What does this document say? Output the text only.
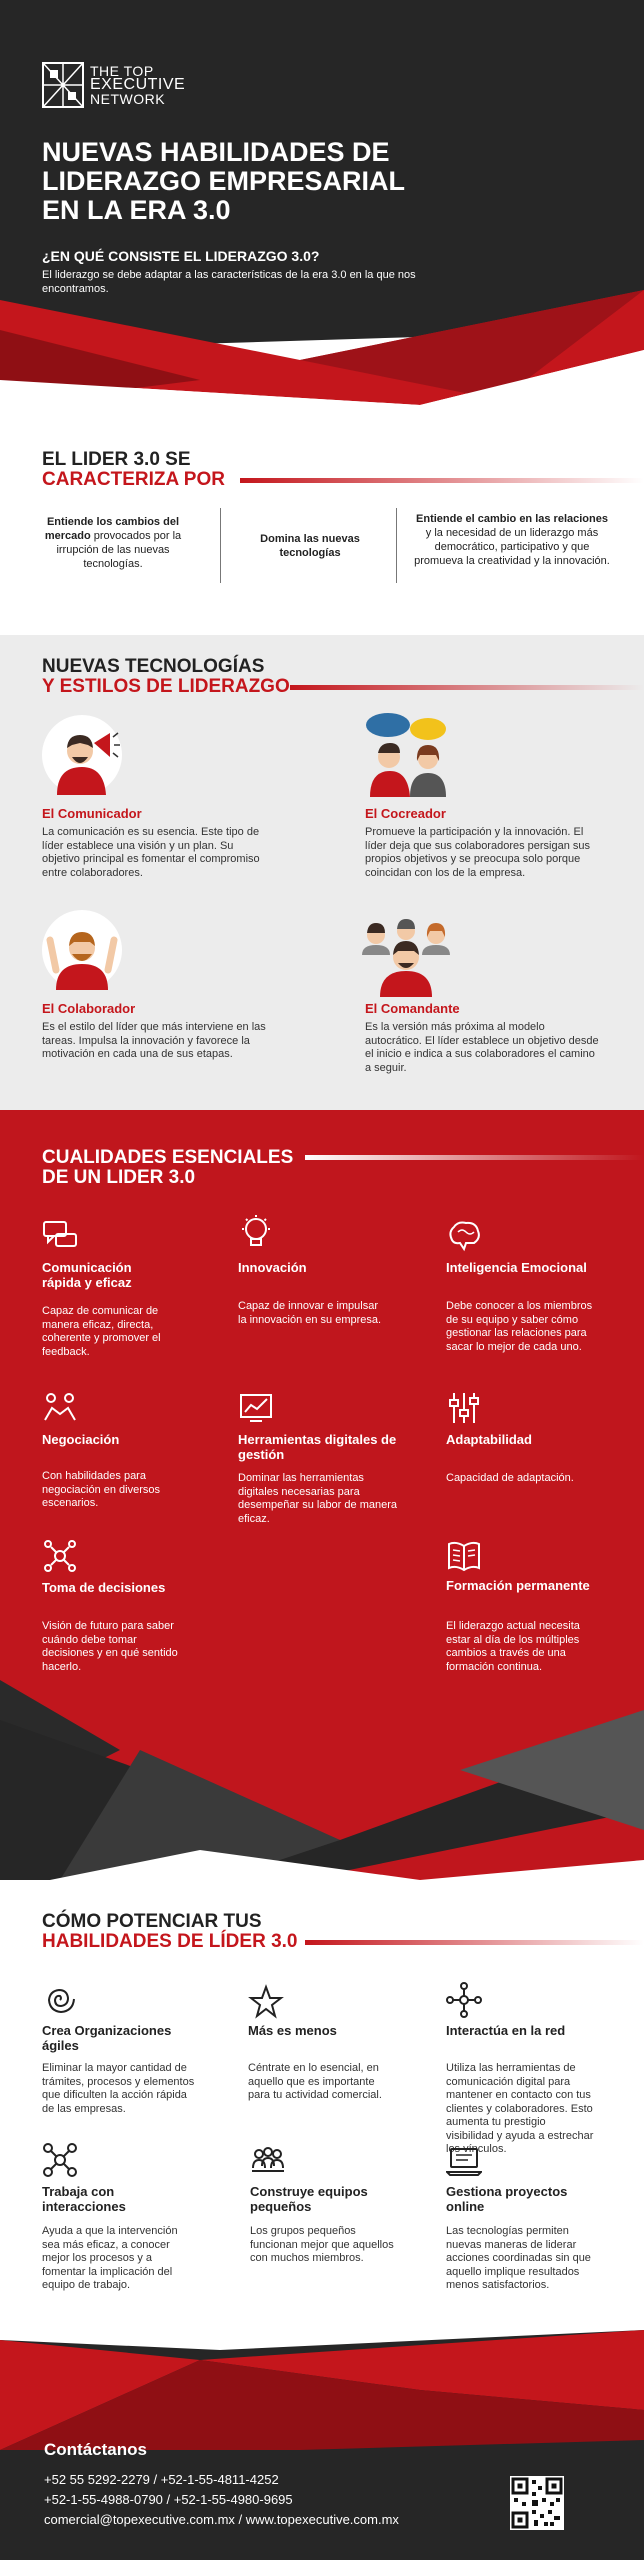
THE TOP
EXECUTIVE
NETWORK
NUEVAS HABILIDADES DE
LIDERAZGO EMPRESARIAL
EN LA ERA 3.0
¿EN QUÉ CONSISTE EL LIDERAZGO 3.0?

El liderazgo se debe adaptar a las características de la era 3.0 en la que nos encontramos.

EL LIDER 3.0 SE
CARACTERIZA POR
Entiende los cambios del mercado provocados por la irrupción de las nuevas tecnologías.
Domina las nuevas tecnologías
Entiende el cambio en las relaciones y la necesidad de un liderazgo más democrático, participativo y que promueva la creatividad y la innovación.
NUEVAS TECNOLOGÍAS
Y ESTILOS DE LIDERAZGO
El Comunicador

La comunicación es su esencia. Este tipo de líder establece una visión y un plan. Su objetivo principal es fomentar el compromiso entre colaboradores.

El Cocreador

Promueve la participación y la innovación. El líder deja que sus colaboradores persigan sus propios objetivos y se preocupa solo porque coincidan con los de la empresa.

El Colaborador

Es el estilo del líder que más interviene en las tareas. Impulsa la innovación y favorece la motivación en cada una de sus etapas.

El Comandante

Es la versión más próxima al modelo autocrático. El líder establece un objetivo desde el inicio e indica a sus colaboradores el camino a seguir.

CUALIDADES ESENCIALES
DE UN LIDER 3.0
Comunicación rápida y eficaz

Capaz de comunicar de manera eficaz, directa, coherente y promover el feedback.

Innovación

Capaz de innovar e impulsar la innovación en su empresa.

Inteligencia Emocional

Debe conocer a los miembros de su equipo y saber cómo gestionar las relaciones para sacar lo mejor de cada uno.

Negociación

Con habilidades para negociación en diversos escenarios.

Herramientas digitales de gestión

Dominar las herramientas digitales necesarias para desempeñar su labor de manera eficaz.

Adaptabilidad

Capacidad de adaptación.

Toma de decisiones

Visión de futuro para saber cuándo debe tomar decisiones y en qué sentido hacerlo.

Formación permanente

El liderazgo actual necesita estar al día de los múltiples cambios a través de una formación continua.

CÓMO POTENCIAR TUS
HABILIDADES DE LÍDER 3.0
Crea Organizaciones ágiles

Eliminar la mayor cantidad de trámites, procesos y elementos que dificulten la acción rápida de las empresas.

Más es menos

Céntrate en lo esencial, en aquello que es importante para tu actividad comercial.

Interactúa en la red

Utiliza las herramientas de comunicación digital para mantener en contacto con tus clientes y colaboradores. Esto aumenta tu prestigio visibilidad y ayuda a estrechar los vínculos.

Trabaja con interacciones

Ayuda a que la intervención sea más eficaz, a conocer mejor los procesos y a fomentar la implicación del equipo de trabajo.

Construye equipos pequeños

Los grupos pequeños funcionan mejor que aquellos con muchos miembros.

Gestiona proyectos online

Las tecnologías permiten nuevas maneras de liderar acciones coordinadas sin que aquello implique resultados menos satisfactorios.

Contáctanos
+52 55 5292-2279 / +52-1-55-4811-4252
+52-1-55-4988-0790 / +52-1-55-4980-9695
comercial@topexecutive.com.mx / www.topexecutive.com.mx
